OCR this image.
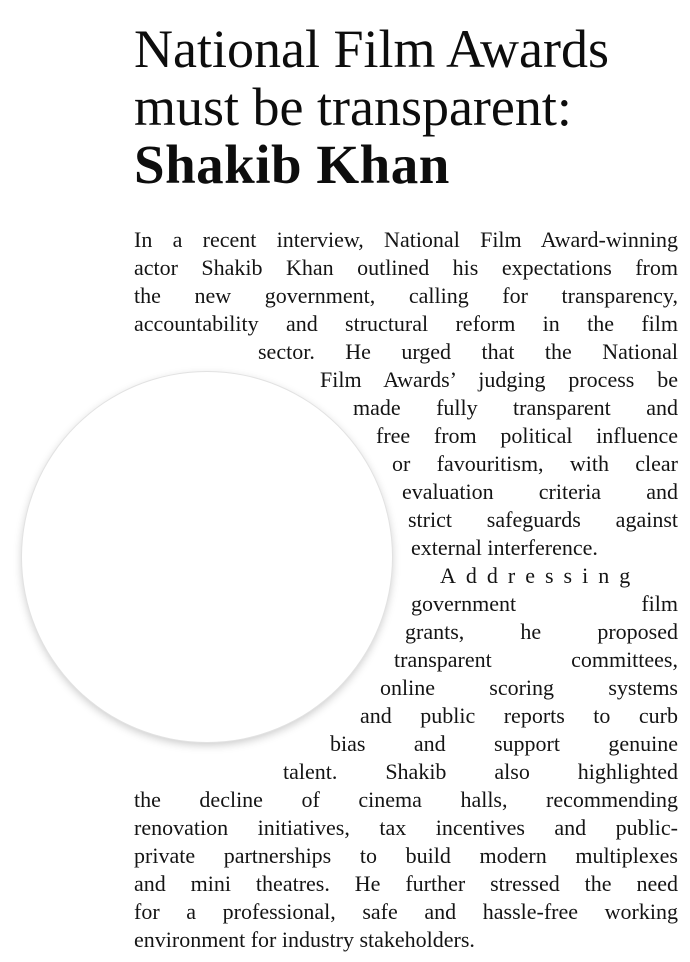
National Film Awards
must be transparent:
Shakib Khan
In a recent interview, National Film Award-winning
actor Shakib Khan outlined his expectations from
the new government, calling for transparency,
accountability and structural reform in the film
sector. He urged that the National
Film Awards’ judging process be
made fully transparent and
free from political influence
or favouritism, with clear
evaluation criteria and
strict safeguards against
external interference.
Addressing
government film
grants, he proposed
transparent committees,
online scoring systems
and public reports to curb
bias and support genuine
talent. Shakib also highlighted
the decline of cinema halls, recommending
renovation initiatives, tax incentives and public-
private partnerships to build modern multiplexes
and mini theatres. He further stressed the need
for a professional, safe and hassle-free working
environment for industry stakeholders.
